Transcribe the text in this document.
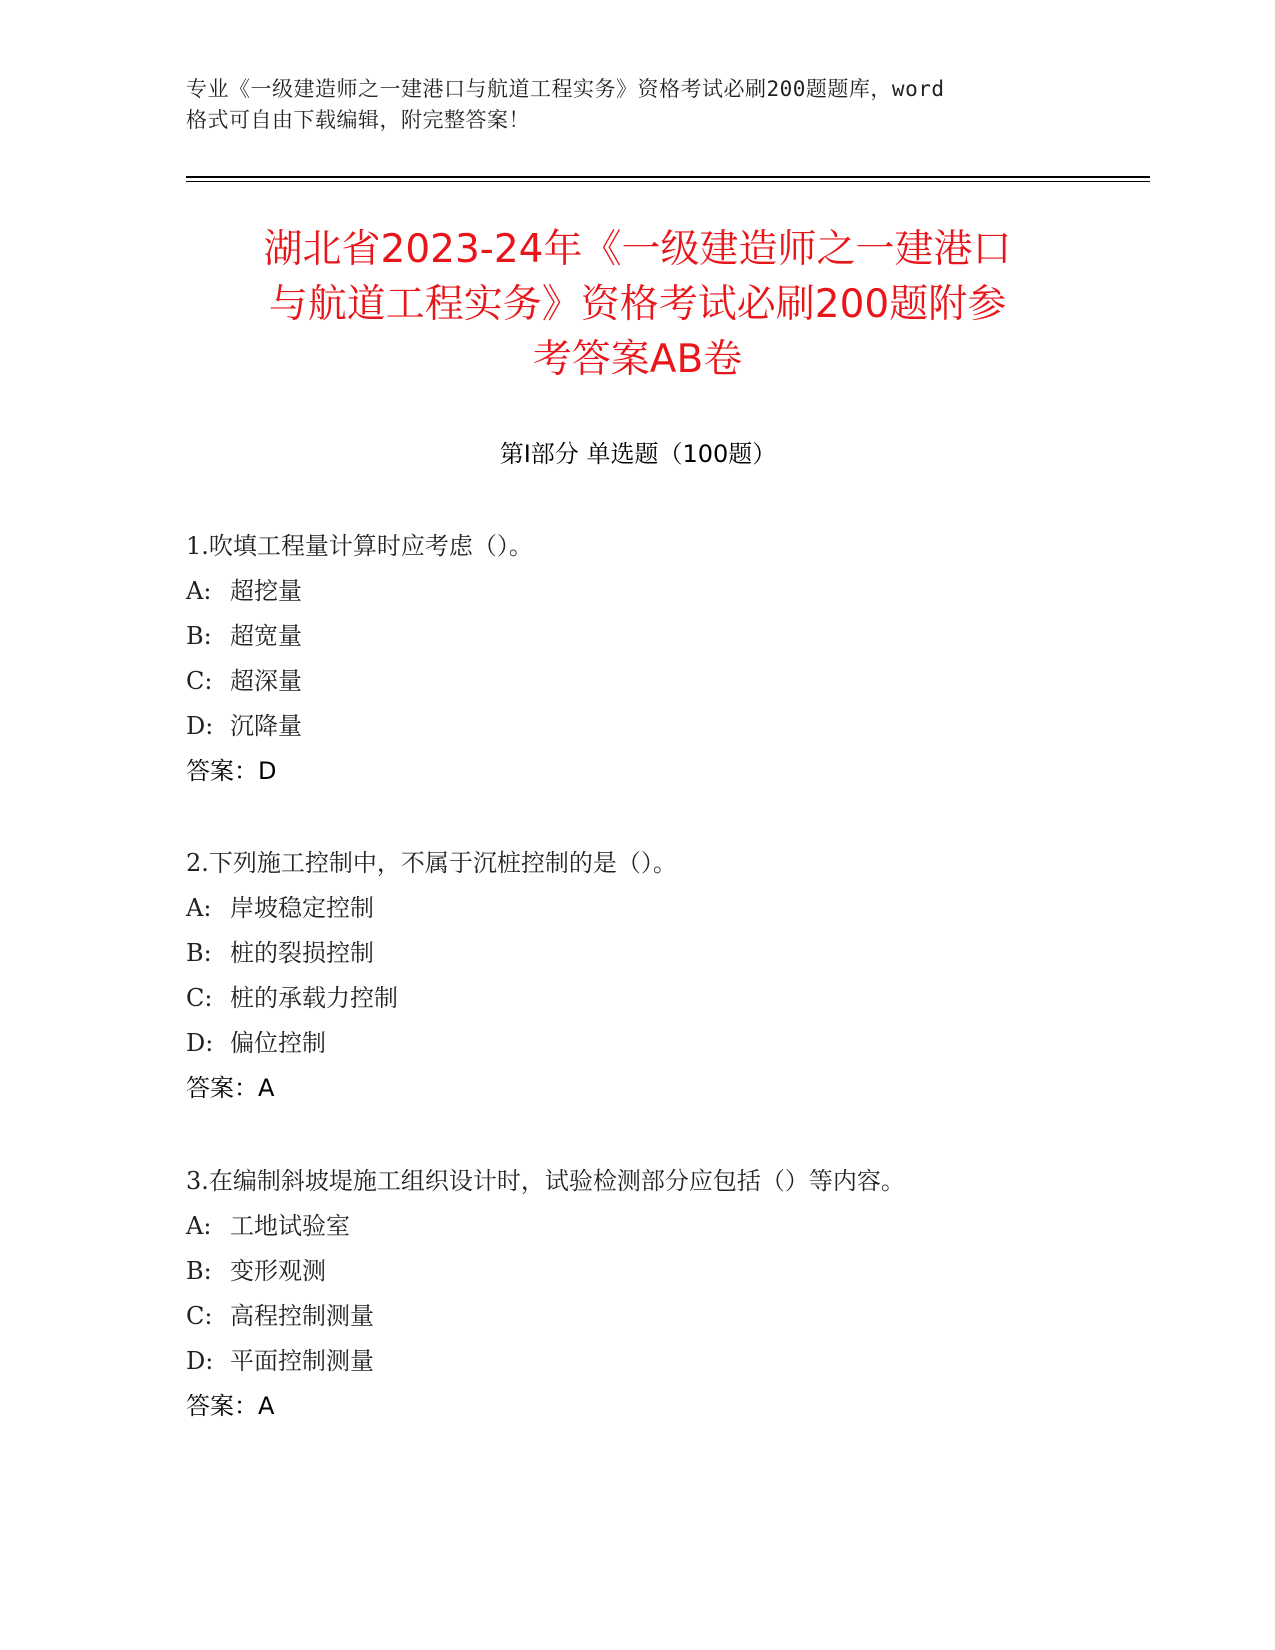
专业《一级建造师之一建港口与航道工程实务》资格考试必刷200题题库，word
格式可自由下载编辑，附完整答案！
湖北省2023-24年《一级建造师之一建港口
与航道工程实务》资格考试必刷200题附参
考答案AB卷
第Ⅰ部分 单选题（100题）
1.吹填工程量计算时应考虑（）。
A: 超挖量
B: 超宽量
C: 超深量
D: 沉降量
答案：D
2.下列施工控制中，不属于沉桩控制的是（）。
A: 岸坡稳定控制
B: 桩的裂损控制
C: 桩的承载力控制
D: 偏位控制
答案：A
3.在编制斜坡堤施工组织设计时，试验检测部分应包括（）等内容。
A: 工地试验室
B: 变形观测
C: 高程控制测量
D: 平面控制测量
答案：A
